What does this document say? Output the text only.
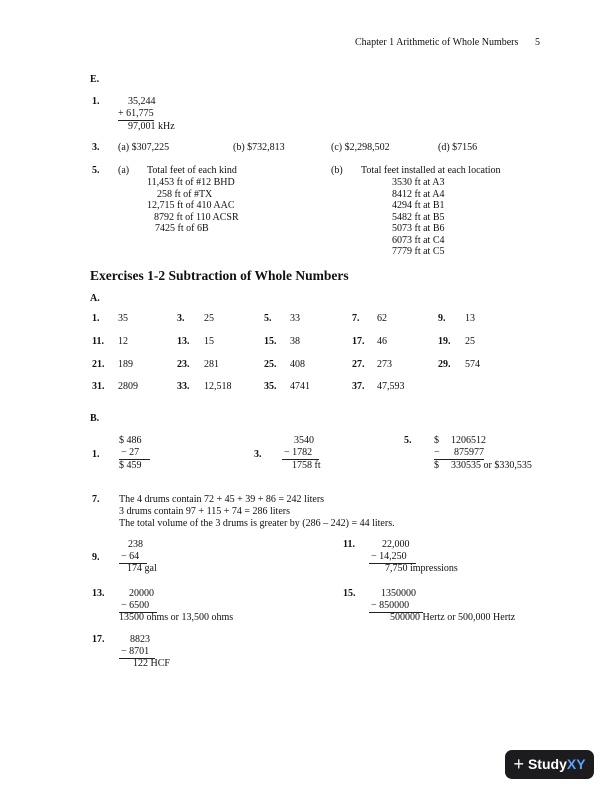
Chapter 1 Arithmetic of Whole Numbers 5
E.
1.	35,244
+ 61,775
97,001 kHz
3. (a) $307,225	(b) $732,813	(c) $2,298,502	(d) $7156
5. (a) Total feet of each kind
11,453 ft of #12 BHD
258 ft of #TX
12,715 ft of 410 AAC
8792 ft of 110 ACSR
7425 ft of 6B
(b) Total feet installed at each location
3530 ft at A3
8412 ft at A4
4294 ft at B1
5482 ft at B5
5073 ft at B6
6073 ft at C4
7779 ft at C5
Exercises 1-2 Subtraction of Whole Numbers
A.
1. 35	3. 25	5. 33	7. 62	9. 13
11. 12	13. 15	15. 38	17. 46	19. 25
21. 189	23. 281	25. 408	27. 273	29. 574
31. 2809	33. 12,518	35. 4741	37. 47,593
B.
1.
$ 486
− 27
$ 459
3.
3540
− 1782
1758 ft
5. $ 1206512
− 875977
$ 330535 or $330,535
7. The 4 drums contain 72 + 45 + 39 + 86 = 242 liters
3 drums contain 97 + 115 + 74 = 286 liters
The total volume of the 3 drums is greater by (286 – 242) = 44 liters.
9.
238
− 64
174 gal
11.	22,000
− 14,250
7,750 impressions
13. 20000
− 6500
13500 ohms or 13,500 ohms
15.	1350000
− 850000
500000 Hertz or 500,000 Hertz
17.	8823
− 8701
122 HCF
+ Study XY
